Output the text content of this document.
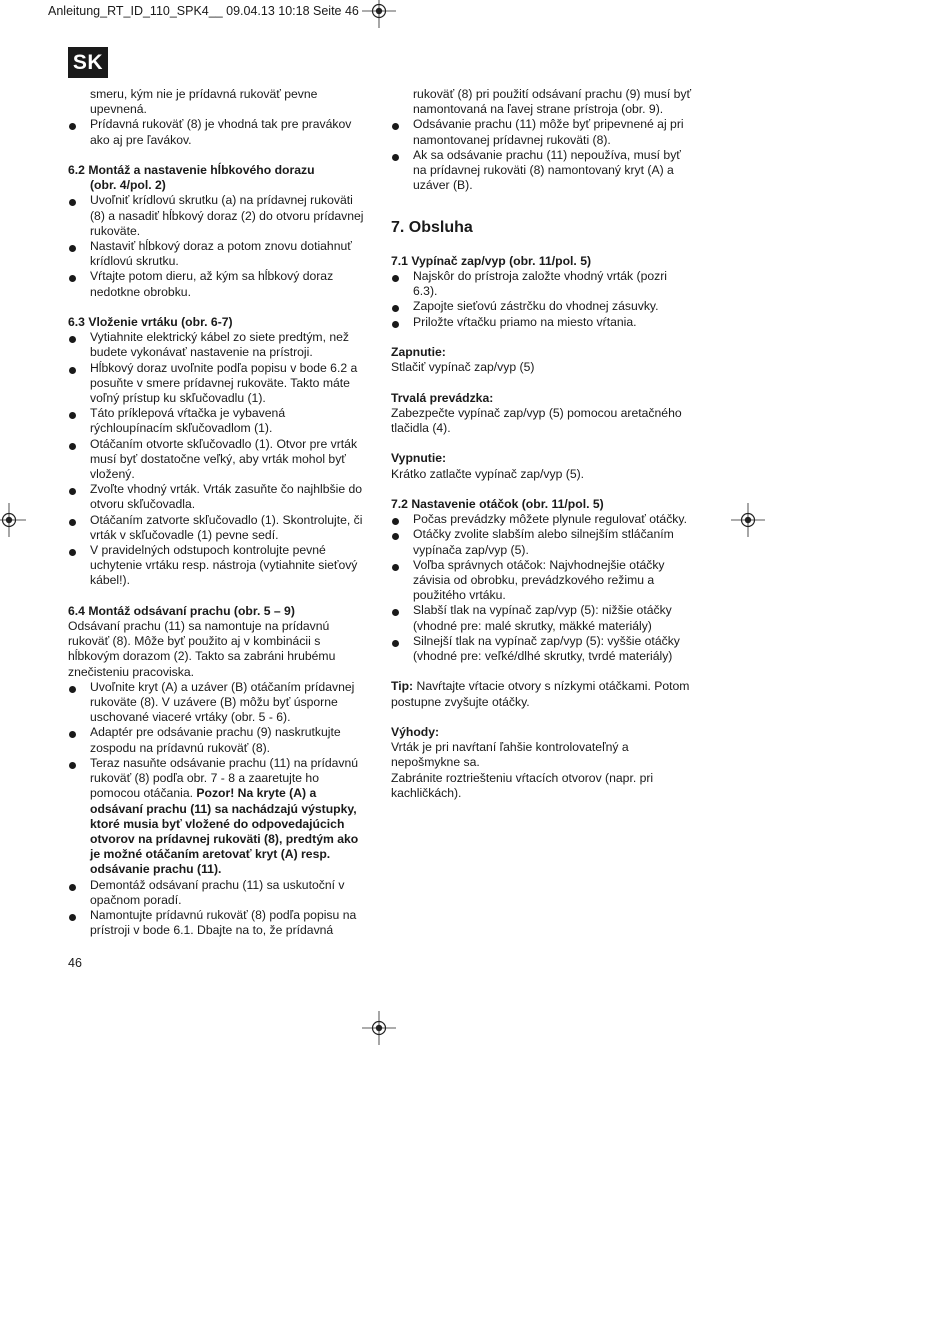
Anleitung_RT_ID_110_SPK4__ 09.04.13 10:18 Seite 46
SK

smeru, kým nie je prídavná rukoväť pevne

upevnená.

Prídavná rukoväť (8) je vhodná tak pre pravákov
ako aj pre ľavákov.

6.2 Montáž a nastavenie hĺbkového dorazu
(obr. 4/pol. 2)

Uvoľniť krídlovú skrutku (a) na prídavnej rukoväti (8) a nasadiť hĺbkový doraz (2) do otvoru prídavnej rukoväte.

Nastaviť hĺbkový doraz a potom znovu dotiahnuť krídlovú skrutku.

Vŕtajte potom dieru, až kým sa hĺbkový doraz nedotkne obrobku.

6.3 Vloženie vrtáku (obr. 6-7)

Vytiahnite elektrický kábel zo siete predtým, než budete vykonávať nastavenie na prístroji.

Hĺbkový doraz uvoľnite podľa popisu v bode 6.2 a posuňte v smere prídavnej rukoväte. Takto máte voľný prístup ku skľučovadlu (1).

Táto príklepová vŕtačka je vybavená rýchloupínacím skľučovadlom (1).

Otáčaním otvorte skľučovadlo (1). Otvor pre vrták musí byť dostatočne veľký, aby vrták mohol byť vložený.

Zvoľte vhodný vrták. Vrták zasuňte čo najhlbšie do otvoru skľučovadla.

Otáčaním zatvorte skľučovadlo (1). Skontrolujte, či vrták v skľučovadle (1) pevne sedí.

V pravidelných odstupoch kontrolujte pevné uchytenie vrtáku resp. nástroja (vytiahnite sieťový kábel!).

6.4 Montáž odsávaní prachu (obr. 5 – 9)

Odsávaní prachu (11) sa namontuje na prídavnú rukoväť (8). Môže byť použito aj v kombinácii s hĺbkovým dorazom (2). Takto sa zabráni hrubému znečisteniu pracoviska.

Uvoľnite kryt (A) a uzáver (B) otáčaním prídavnej rukoväte (8). V uzávere (B) môžu byť úsporne uschované viaceré vrtáky (obr. 5 - 6).

Adaptér pre odsávanie prachu (9) naskrutkujte zospodu na prídavnú rukoväť (8).

Teraz nasuňte odsávanie prachu (11) na prídavnú rukoväť (8) podľa obr. 7 - 8 a zaaretujte ho pomocou otáčania. Pozor! Na kryte (A) a odsávaní prachu (11) sa nachádzajú výstupky, ktoré musia byť vložené do odpovedajúcich otvorov na prídavnej rukoväti (8), predtým ako je možné otáčaním aretovať kryt (A) resp. odsávanie prachu (11).

Demontáž odsávaní prachu (11) sa uskutoční v opačnom poradí.

Namontujte prídavnú rukoväť (8) podľa popisu na prístroji v bode 6.1. Dbajte na to, že prídavná

rukoväť (8) pri použití odsávaní prachu (9) musí byť namontovaná na ľavej strane prístroja (obr. 9).

Odsávanie prachu (11) môže byť pripevnené aj pri namontovanej prídavnej rukoväti (8).

Ak sa odsávanie prachu (11) nepoužíva, musí byť na prídavnej rukoväti (8) namontovaný kryt (A) a uzáver (B).

7. Obsluha

7.1 Vypínač zap/vyp (obr. 11/pol. 5)

Najskôr do prístroja založte vhodný vrták (pozri 6.3).

Zapojte sieťovú zástrčku do vhodnej zásuvky.

Priložte vŕtačku priamo na miesto vŕtania.

Zapnutie:

Stlačiť vypínač zap/vyp (5)

Trvalá prevádzka:

Zabezpečte vypínač zap/vyp (5) pomocou aretačného tlačidla (4).

Vypnutie:

Krátko zatlačte vypínač zap/vyp (5).

7.2 Nastavenie otáčok (obr. 11/pol. 5)

Počas prevádzky môžete plynule regulovať otáčky.

Otáčky zvolite slabším alebo silnejším stláčaním vypínača zap/vyp (5).

Voľba správnych otáčok: Najvhodnejšie otáčky závisia od obrobku, prevádzkového režimu a použitého vrtáku.

Slabší tlak na vypínač zap/vyp (5): nižšie otáčky (vhodné pre: malé skrutky, mäkké materiály)

Silnejší tlak na vypínač zap/vyp (5): vyššie otáčky (vhodné pre: veľké/dlhé skrutky, tvrdé materiály)

Tip: Navŕtajte vŕtacie otvory s nízkymi otáčkami. Potom postupne zvyšujte otáčky.

Výhody:

Vrták je pri navŕtaní ľahšie kontrolovateľný a nepošmykne sa.

Zabránite roztriešteniu vŕtacích otvorov (napr. pri kachličkách).

46
